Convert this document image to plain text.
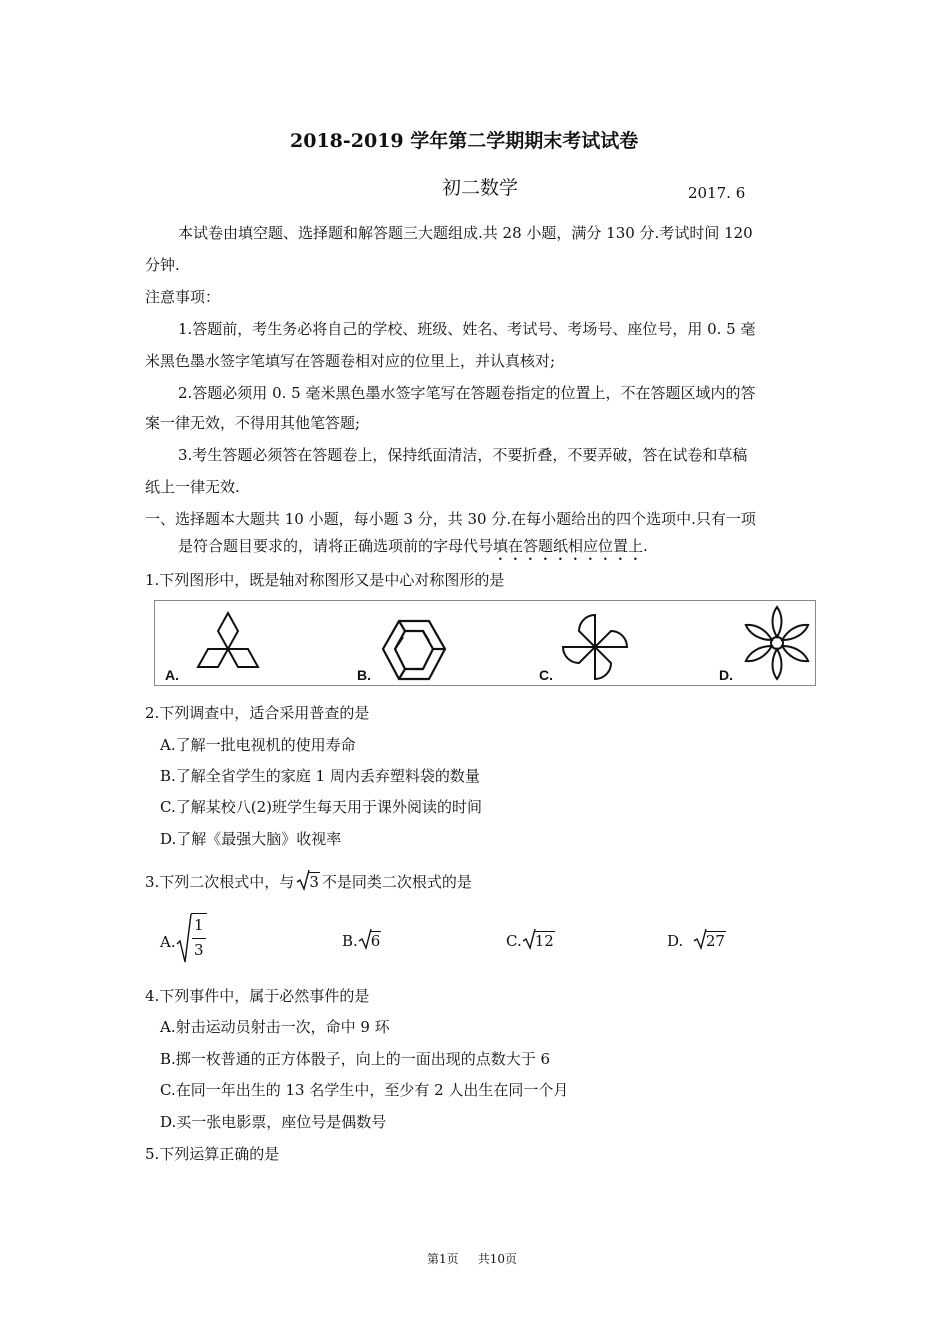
2018-2019 学年第二学期期末考试试卷
初二数学	2017. 6
本试卷由填空题、选择题和解答题三大题组成.共 28 小题，满分 130 分.考试时间 120
分钟.
注意事项：
1.答题前，考生务必将自己的学校、班级、姓名、考试号、考场号、座位号，用 0. 5 毫
米黑色墨水签字笔填写在答题卷相对应的位里上，并认真核对;
2.答题必须用 0. 5 毫米黑色墨水签字笔写在答题卷指定的位置上，不在答题区域内的答
案一律无效，不得用其他笔答题;
3.考生答题必须答在答题卷上，保持纸面清洁，不要折叠，不要弄破，答在试卷和草稿
纸上一律无效.
一、选择题本大题共 10 小题，每小题 3 分，共 30 分.在每小题给出的四个选项中.只有一项
是符合题目要求的，请将正确选项前的字母代号填在答题纸相应位置上.
1.下列图形中，既是轴对称图形又是中心对称图形的是
A.	B.	C.	D.
2.下列调查中，适合采用普查的是
A.了解一批电视机的使用寿命
B.了解全省学生的家庭 1 周内丢弃塑料袋的数量
C.了解某校八(2)班学生每天用于课外阅读的时间
D.了解《最强大脑》收视率
3.下列二次根式中，与 3 不是同类二次根式的是
A.
1
3	B. 6	C. 12	D. 27
4.下列事件中，属于必然事件的是
A.射击运动员射击一次，命中 9 环
B.掷一枚普通的正方体骰子，向上的一面出现的点数大于 6
C.在同一年出生的 13 名学生中，至少有 2 人出生在同一个月
D.买一张电影票，座位号是偶数号
5.下列运算正确的是
第1页 共10页
